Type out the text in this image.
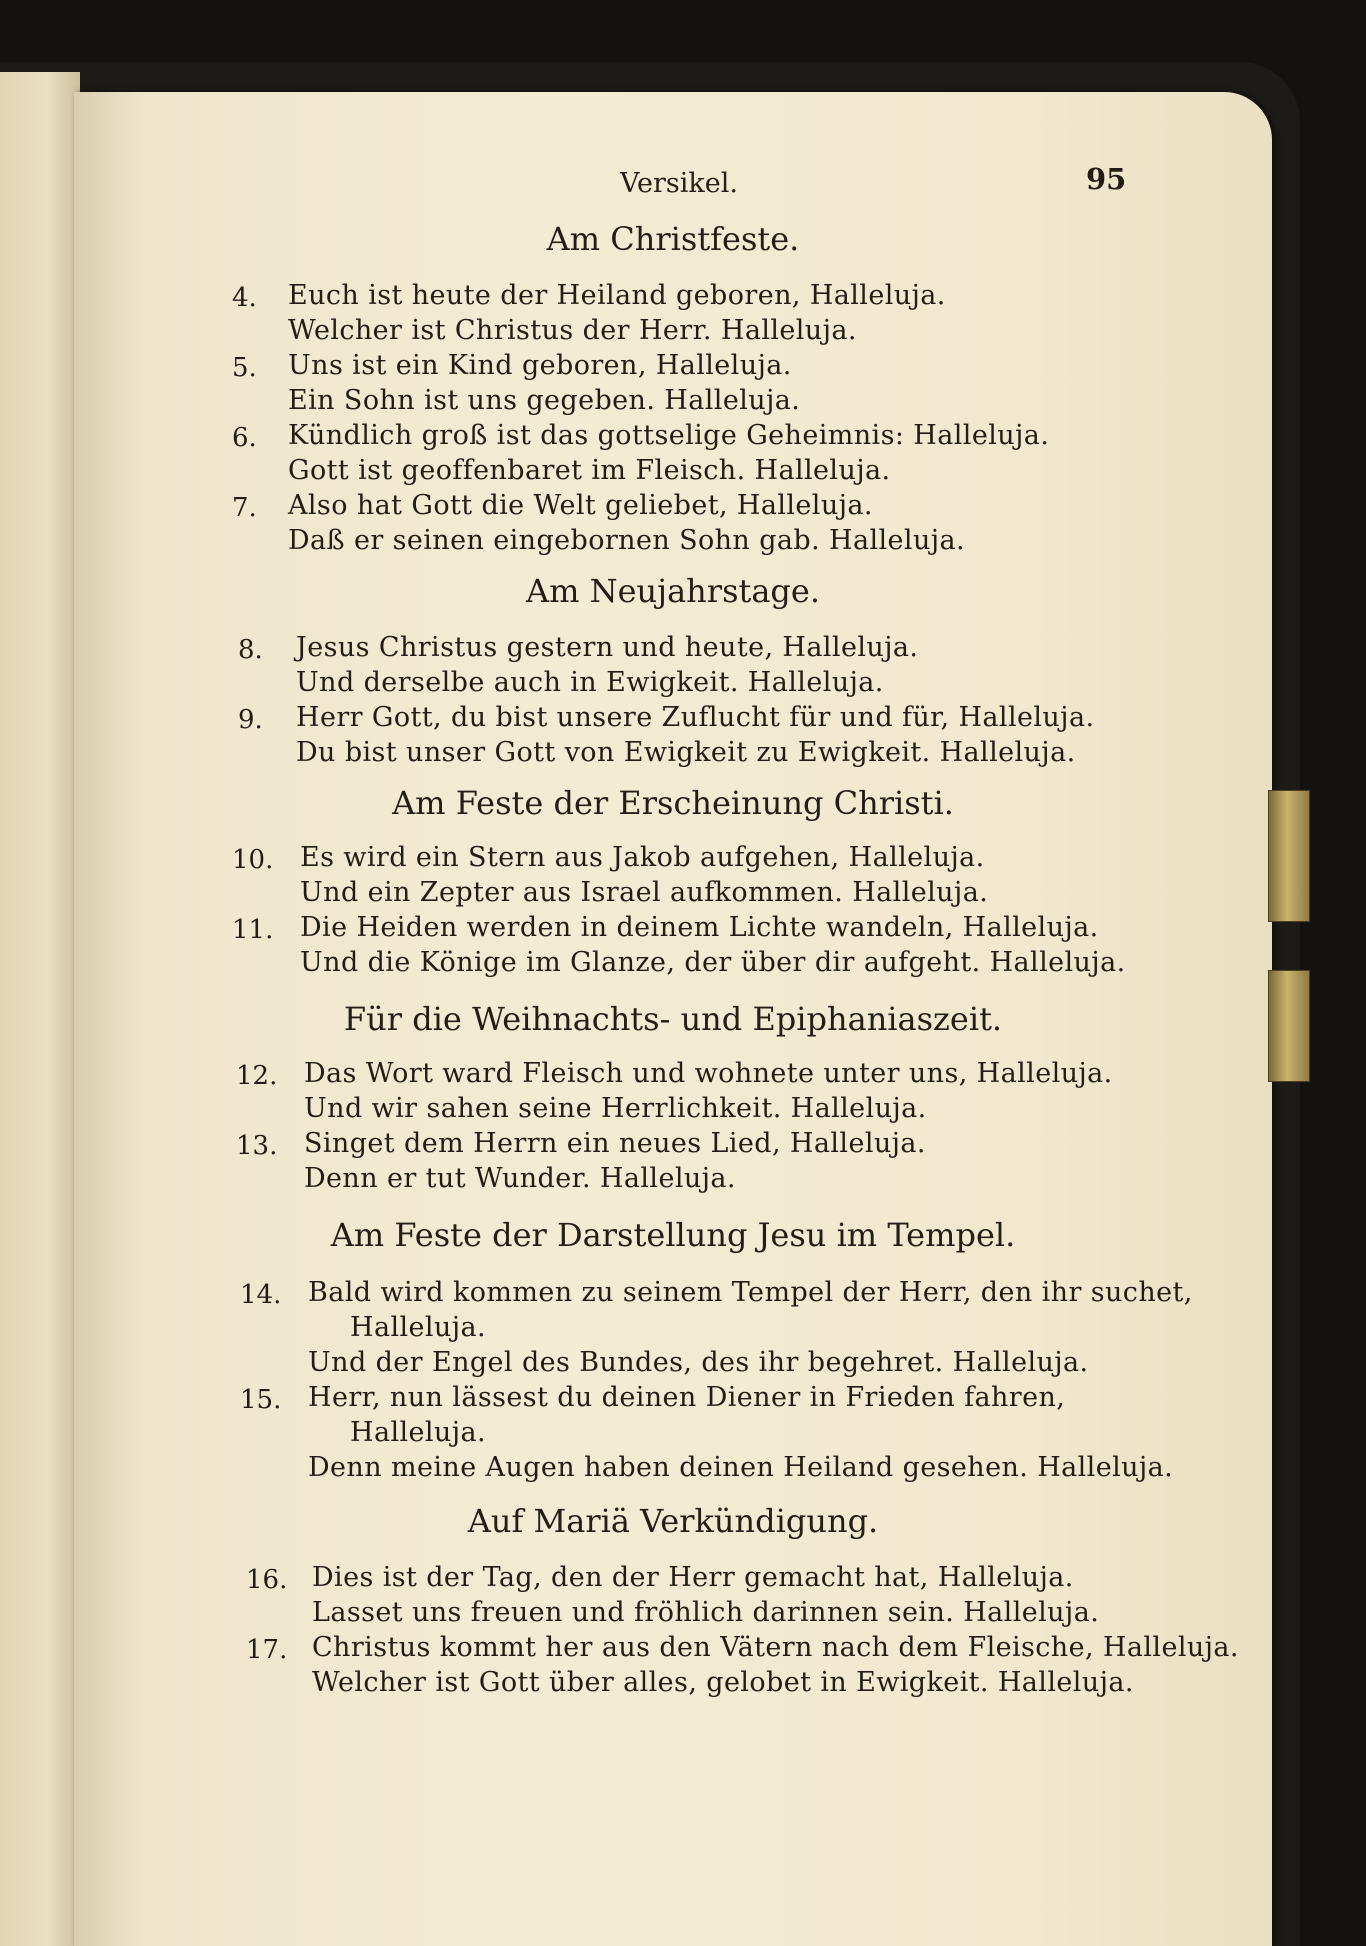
Versikel.	95
Am Christfeste.
4. Euch ist heute der Heiland geboren, Halleluja.
Welcher ist Christus der Herr. Halleluja.
5. Uns ist ein Kind geboren, Halleluja.
Ein Sohn ist uns gegeben. Halleluja.
6. Kündlich groß ist das gottselige Geheimnis: Halleluja.
Gott ist geoffenbaret im Fleisch. Halleluja.
7. Also hat Gott die Welt geliebet, Halleluja.
Daß er seinen eingebornen Sohn gab. Halleluja.
Am Neujahrstage.
8. Jesus Christus gestern und heute, Halleluja.
Und derselbe auch in Ewigkeit. Halleluja.
9. Herr Gott, du bist unsere Zuflucht für und für, Halleluja.
Du bist unser Gott von Ewigkeit zu Ewigkeit. Halleluja.
Am Feste der Erscheinung Christi.
10. Es wird ein Stern aus Jakob aufgehen, Halleluja.
Und ein Zepter aus Israel aufkommen. Halleluja.
11. Die Heiden werden in deinem Lichte wandeln, Halleluja.
Und die Könige im Glanze, der über dir aufgeht. Halleluja.
Für die Weihnachts- und Epiphaniaszeit.
12. Das Wort ward Fleisch und wohnete unter uns, Halleluja.
Und wir sahen seine Herrlichkeit. Halleluja.
13. Singet dem Herrn ein neues Lied, Halleluja.
Denn er tut Wunder. Halleluja.
Am Feste der Darstellung Jesu im Tempel.
14. Bald wird kommen zu seinem Tempel der Herr, den ihr suchet,
Halleluja.
Und der Engel des Bundes, des ihr begehret. Halleluja.
15. Herr, nun lässest du deinen Diener in Frieden fahren,
Halleluja.
Denn meine Augen haben deinen Heiland gesehen. Halleluja.
Auf Mariä Verkündigung.
16. Dies ist der Tag, den der Herr gemacht hat, Halleluja.
Lasset uns freuen und fröhlich darinnen sein. Halleluja.
17. Christus kommt her aus den Vätern nach dem Fleische, Halleluja.
Welcher ist Gott über alles, gelobet in Ewigkeit. Halleluja.
